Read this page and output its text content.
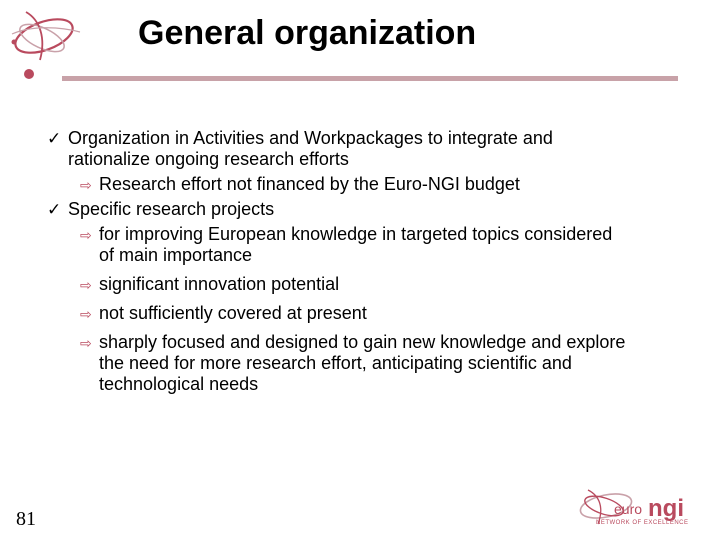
General organization
✓ Organization in Activities and Workpackages to integrate and rationalize ongoing research efforts
⇨ Research effort not financed by the Euro-NGI budget
✓ Specific research projects
⇨ for improving European knowledge in targeted topics considered of main importance
⇨ significant innovation potential
⇨ not sufficiently covered at present
⇨ sharply focused and designed to gain new knowledge and explore the need for more research effort, anticipating scientific and technological needs
81	euro ngi
NETWORK OF EXCELLENCE
